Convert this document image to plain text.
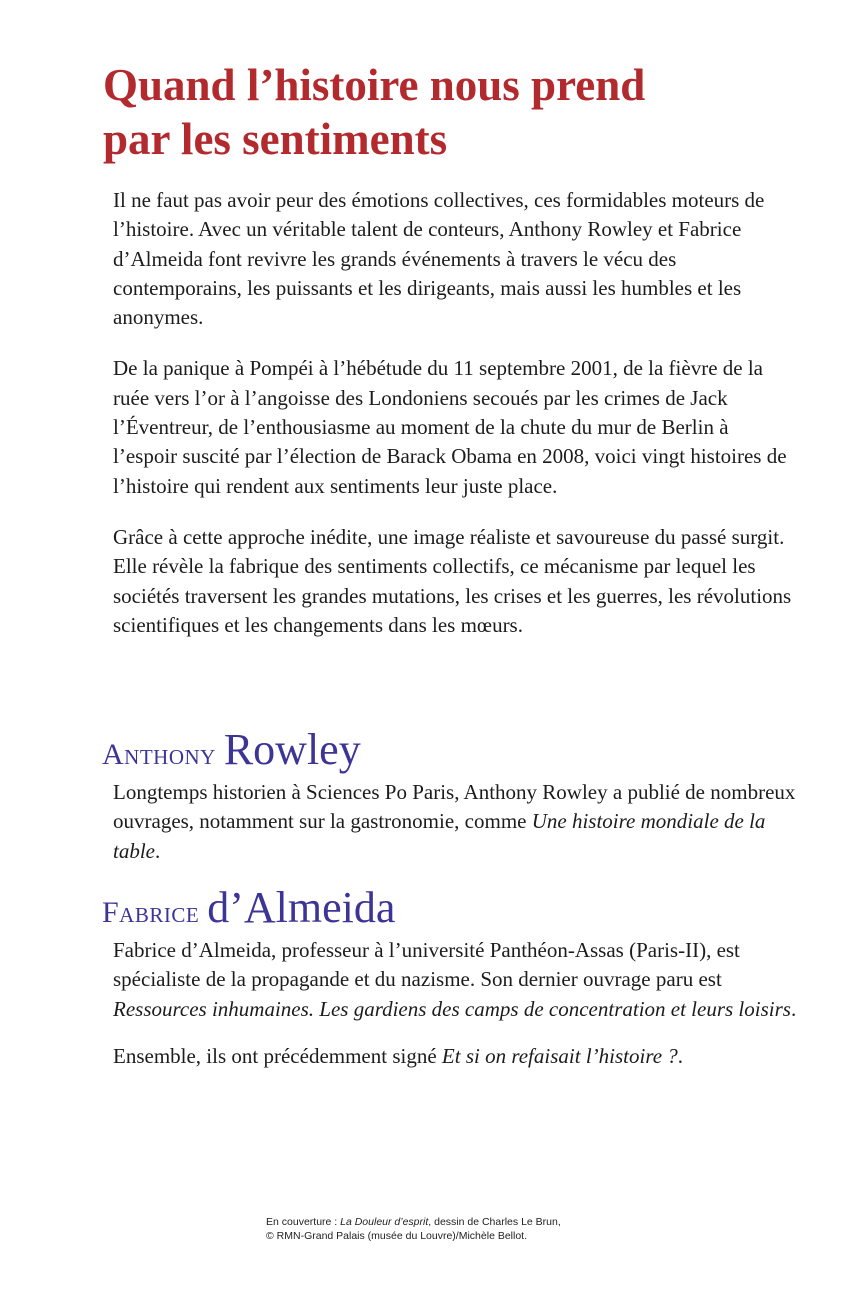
Quand l’histoire nous prend
par les sentiments

Il ne faut pas avoir peur des émotions collectives, ces formidables moteurs de l’histoire. Avec un véritable talent de conteurs, Anthony Rowley et Fabrice d’Almeida font revivre les grands événements à travers le vécu des contemporains, les puissants et les dirigeants, mais aussi les humbles et les anonymes.

De la panique à Pompéi à l’hébétude du 11 septembre 2001, de la fièvre de la ruée vers l’or à l’angoisse des Londoniens secoués par les crimes de Jack l’Éventreur, de l’enthousiasme au moment de la chute du mur de Berlin à l’espoir suscité par l’élection de Barack Obama en 2008, voici vingt histoires de l’histoire qui rendent aux sentiments leur juste place.

Grâce à cette approche inédite, une image réaliste et savoureuse du passé surgit. Elle révèle la fabrique des sentiments collectifs, ce mécanisme par lequel les sociétés traversent les grandes mutations, les crises et les guerres, les révolutions scientifiques et les changements dans les mœurs.

Anthony Rowley

Longtemps historien à Sciences Po Paris, Anthony Rowley a publié de nombreux ouvrages, notamment sur la gastronomie, comme Une histoire mondiale de la table.

Fabrice d’Almeida

Fabrice d’Almeida, professeur à l’université Panthéon-Assas (Paris-II), est spécialiste de la propagande et du nazisme. Son dernier ouvrage paru est Ressources inhumaines. Les gardiens des camps de concentration et leurs loisirs.

Ensemble, ils ont précédemment signé Et si on refaisait l’histoire ?.

En couverture : La Douleur d’esprit, dessin de Charles Le Brun,
© RMN-Grand Palais (musée du Louvre)/Michèle Bellot.
